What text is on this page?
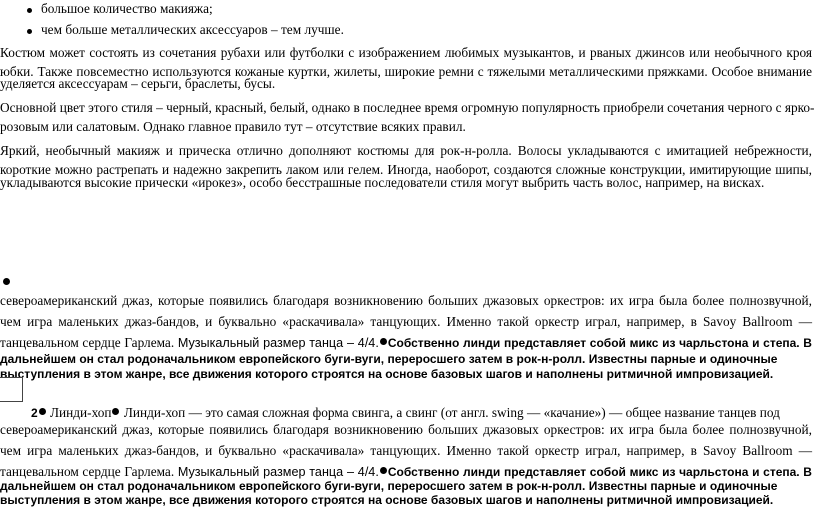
большое количество макияжа;
чем больше металлических аксессуаров – тем лучше.
Костюм может состоять из сочетания рубахи или футболки с изображением любимых музыкантов, и рваных джинсов или необычного кроя
юбки. Также повсеместно используются кожаные куртки, жилеты, широкие ремни с тяжелыми металлическими пряжками. Особое внимание
уделяется аксессуарам – серьги, браслеты, бусы.
Основной цвет этого стиля – черный, красный, белый, однако в последнее время огромную популярность приобрели сочетания черного с ярко-
розовым или салатовым. Однако главное правило тут – отсутствие всяких правил.
Яркий, необычный макияж и прическа отлично дополняют костюмы для рок-н-ролла. Волосы укладываются с имитацией небрежности,
короткие можно растрепать и надежно закрепить лаком или гелем. Иногда, наоборот, создаются сложные конструкции, имитирующие шипы,
укладываются высокие прически «ирокез», особо бесстрашные последователи стиля могут выбрить часть волос, например, на висках.
североамериканский джаз, которые появились благодаря возникновению больших джазовых оркестров: их игра была более полнозвучной,
чем игра маленьких джаз-бандов, и буквально «раскачивала» танцующих. Именно такой оркестр играл, например, в Savoy Ballroom —
танцевальном сердце Гарлема. Музыкальный размер танца – 4/4. Собственно линди представляет собой микс из чарльстона и степа. В
дальнейшем он стал родоначальником европейского буги-вуги, переросшего затем в рок-н-ролл. Известны парные и одиночные
выступления в этом жанре, все движения которого строятся на основе базовых шагов и наполнены ритмичной импровизацией.
2 Линди-хоп Линди-хоп — это самая сложная форма свинга, а свинг (от англ. swing — «качание») — общее название танцев под
североамериканский джаз, которые появились благодаря возникновению больших джазовых оркестров: их игра была более полнозвучной,
чем игра маленьких джаз-бандов, и буквально «раскачивала» танцующих. Именно такой оркестр играл, например, в Savoy Ballroom —
танцевальном сердце Гарлема. Музыкальный размер танца – 4/4. Собственно линди представляет собой микс из чарльстона и степа. В
дальнейшем он стал родоначальником европейского буги-вуги, переросшего затем в рок-н-ролл. Известны парные и одиночные
выступления в этом жанре, все движения которого строятся на основе базовых шагов и наполнены ритмичной импровизацией.
